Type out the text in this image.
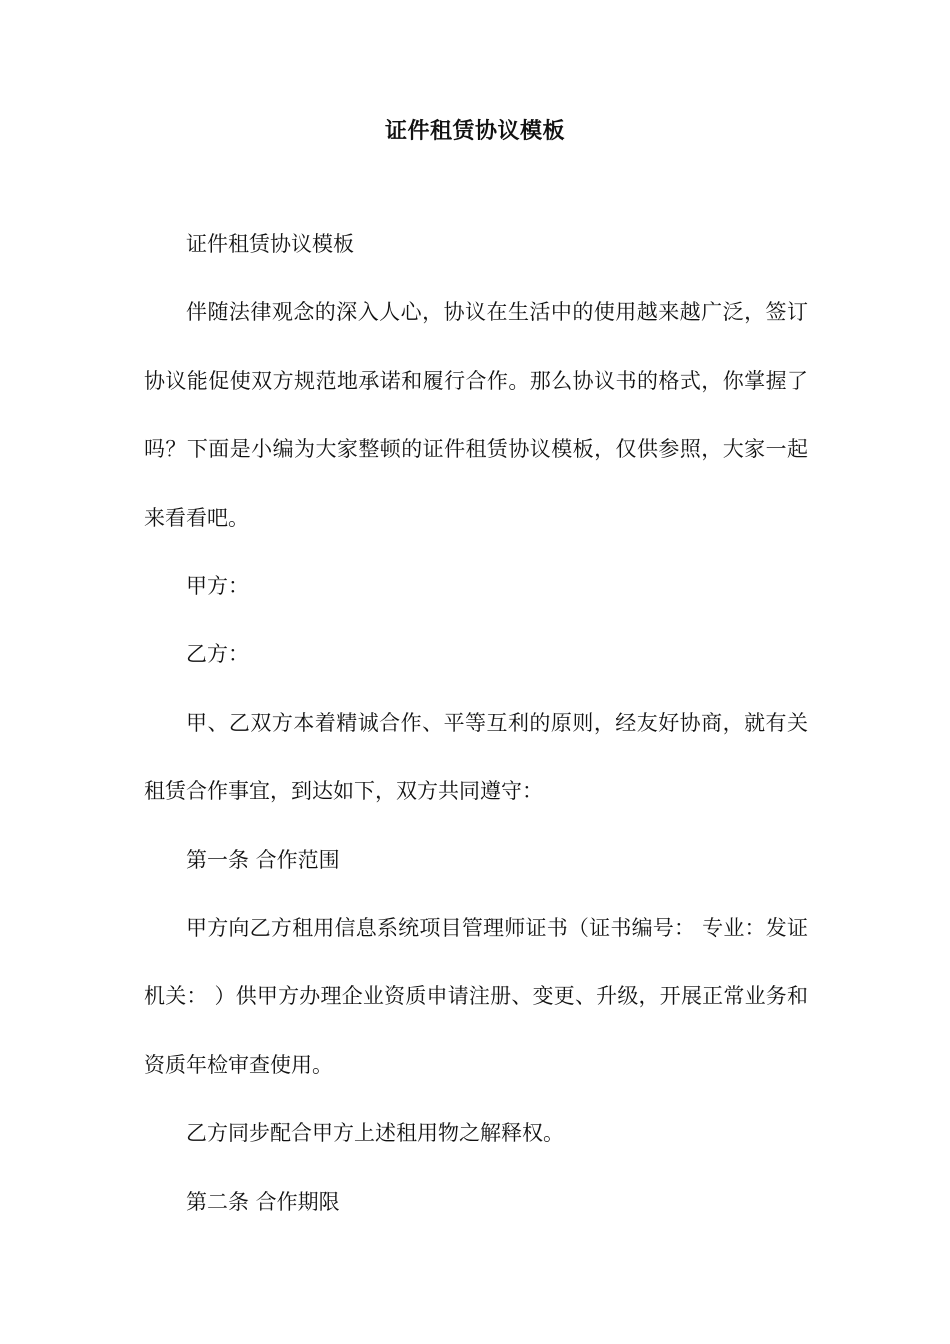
证件租赁协议模板

证件租赁协议模板

伴随法律观念的深入人心，协议在生活中的使用越来越广泛，签订协议能促使双方规范地承诺和履行合作。那么协议书的格式，你掌握了吗？下面是小编为大家整顿的证件租赁协议模板，仅供参照，大家一起来看看吧。

甲方：

乙方：

甲、乙双方本着精诚合作、平等互利的原则，经友好协商，就有关租赁合作事宜，到达如下，双方共同遵守：

第一条 合作范围

甲方向乙方租用信息系统项目管理师证书（证书编号： 专业：发证机关： ）供甲方办理企业资质申请注册、变更、升级，开展正常业务和资质年检审查使用。

乙方同步配合甲方上述租用物之解释权。

第二条 合作期限
